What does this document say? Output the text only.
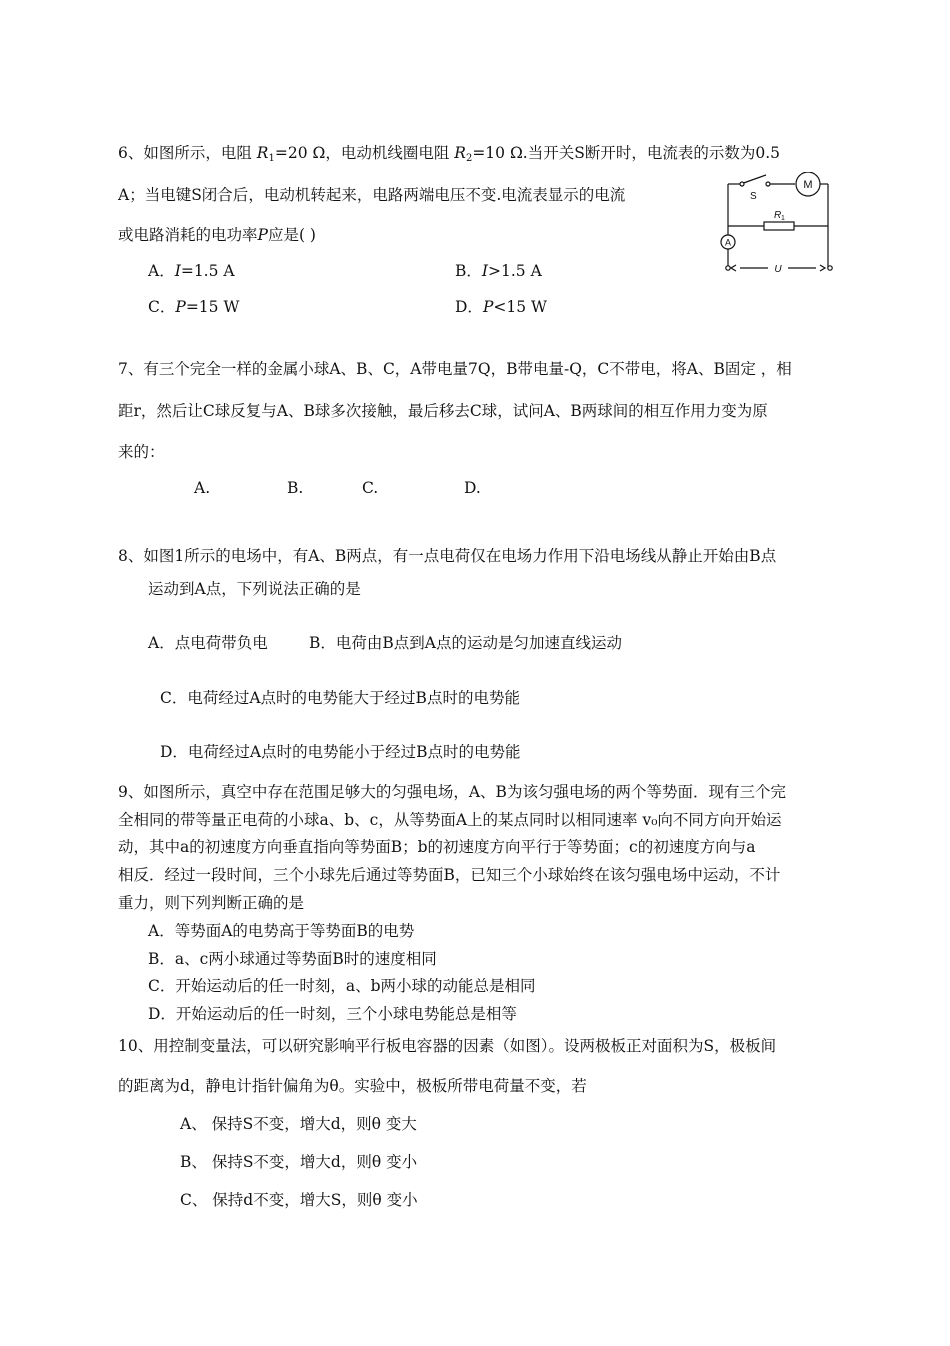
6、如图所示，电阻 $R_1=20$ Ω，电动机线圈电阻 $R_2=10$ Ω.当开关S断开时，电流表的示数为0.5
A；当电键S闭合后，电动机转起来，电路两端电压不变.电流表显示的电流
或电路消耗的电功率P应是( )
A．I=1.5 A	B．I>1.5 A
C．P=15 W	D．P<15 W
S
M
R 1
A
U
7、有三个完全一样的金属小球A、B、C，A带电量7Q，B带电量-Q，C不带电，将A、B固定 ，相
距r，然后让C球反复与A、B球多次接触，最后移去C球，试问A、B两球间的相互作用力变为原
来的：
A.	B.	C.	D.
8、如图1所示的电场中，有A、B两点，有一点电荷仅在电场力作用下沿电场线从静止开始由B点
运动到A点，下列说法正确的是
A．点电荷带负电	B．电荷由B点到A点的运动是匀加速直线运动
C．电荷经过A点时的电势能大于经过B点时的电势能
D．电荷经过A点时的电势能小于经过B点时的电势能
9、如图所示，真空中存在范围足够大的匀强电场，A、B为该匀强电场的两个等势面．现有三个完
全相同的带等量正电荷的小球a、b、c，从等势面A上的某点同时以相同速率 v₀向不同方向开始运
动，其中a的初速度方向垂直指向等势面B；b的初速度方向平行于等势面；c的初速度方向与a
相反．经过一段时间，三个小球先后通过等势面B，已知三个小球始终在该匀强电场中运动，不计
重力，则下列判断正确的是
A．等势面A的电势高于等势面B的电势
B．a、c两小球通过等势面B时的速度相同
C．开始运动后的任一时刻，a、b两小球的动能总是相同
D．开始运动后的任一时刻，三个小球电势能总是相等
10、用控制变量法，可以研究影响平行板电容器的因素（如图）。设两极板正对面积为S，极板间
的距离为d，静电计指针偏角为θ。实验中，极板所带电荷量不变，若
A、 保持S不变，增大d，则θ 变大
B、 保持S不变，增大d，则θ 变小
C、 保持d不变，增大S，则θ 变小
